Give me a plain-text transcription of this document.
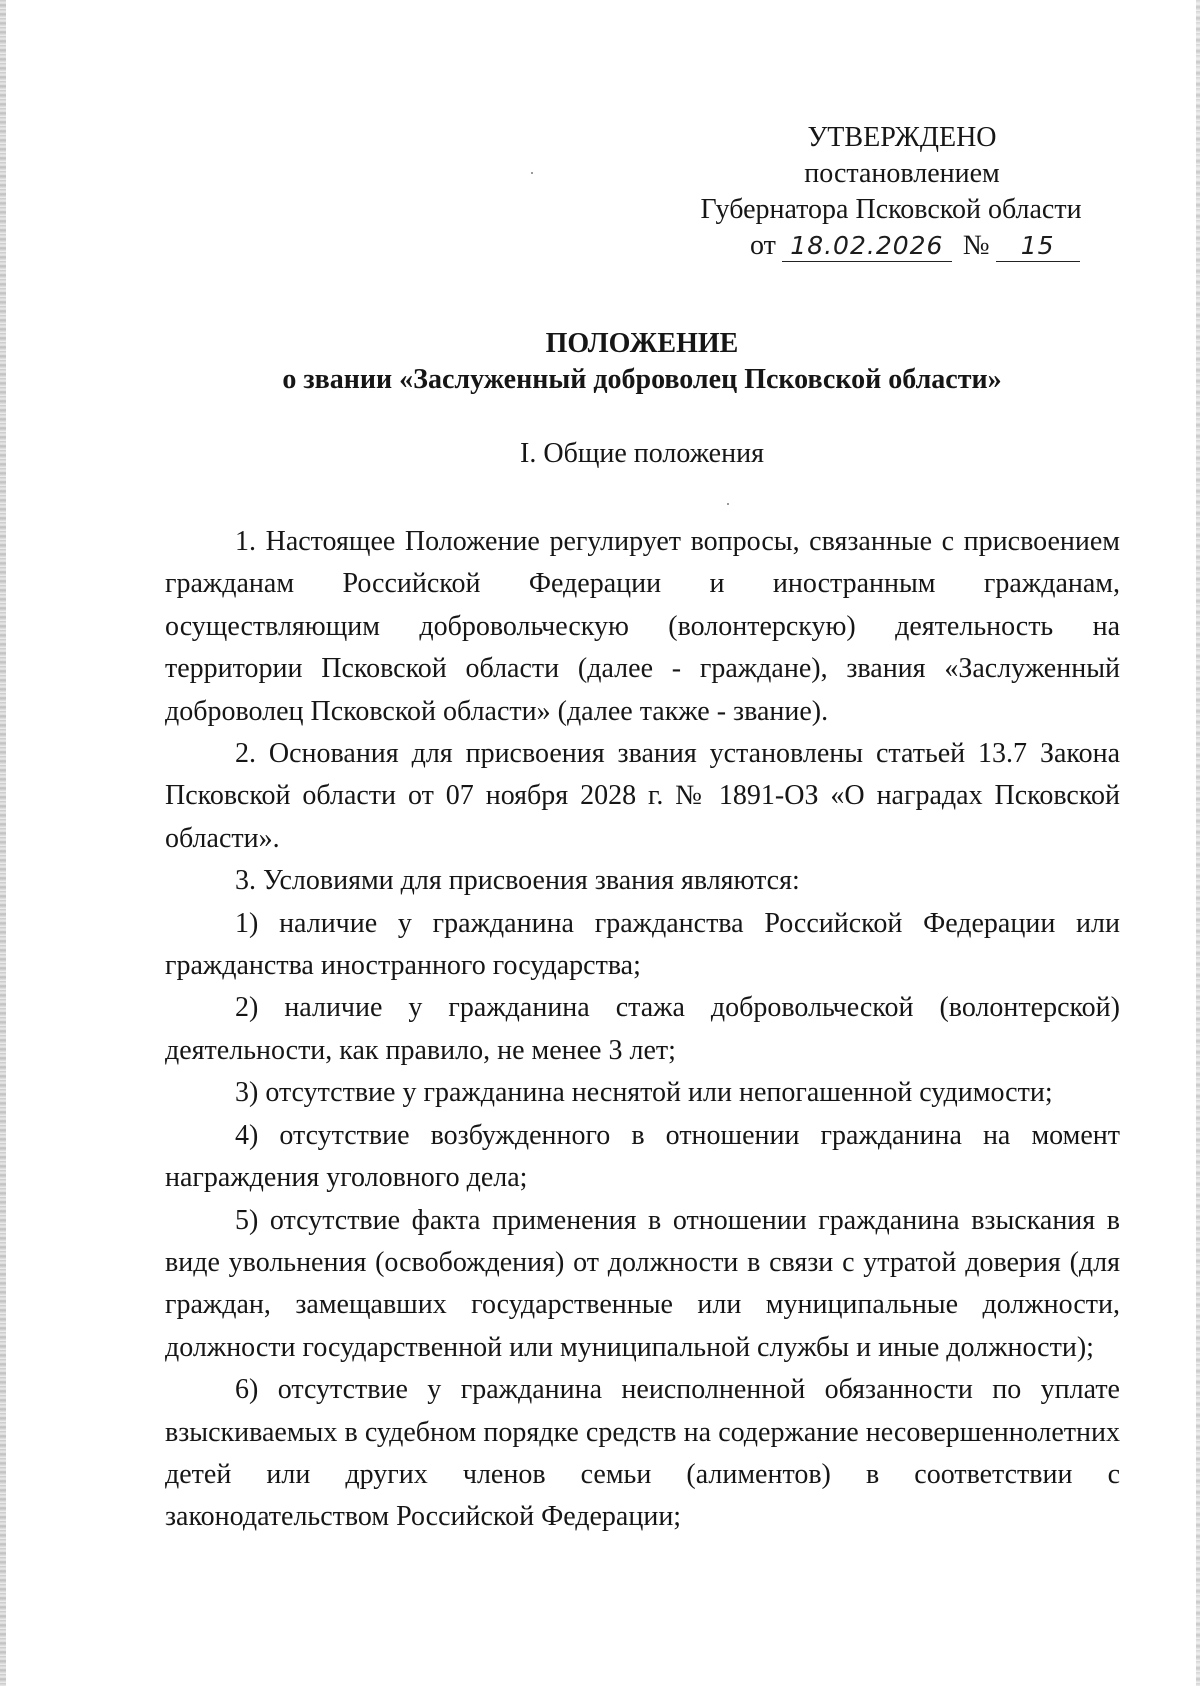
УТВЕРЖДЕНО
постановлением
Губернатора Псковской области
от 18.02.2026 № 15
ПОЛОЖЕНИЕ
о звании «Заслуженный доброволец Псковской области»
I. Общие положения

1. Настоящее Положение регулирует вопросы, связанные с присвоением гражданам Российской Федерации и иностранным гражданам, осуществляющим добровольческую (волонтерскую) деятельность на территории Псковской области (далее - граждане), звания «Заслуженный доброволец Псковской области» (далее также - звание).

2. Основания для присвоения звания установлены статьей 13.7 Закона Псковской области от 07 ноября 2028 г. № 1891-ОЗ «О наградах Псковской области».

3. Условиями для присвоения звания являются:

1) наличие у гражданина гражданства Российской Федерации или гражданства иностранного государства;

2) наличие у гражданина стажа добровольческой (волонтерской) деятельности, как правило, не менее 3 лет;

3) отсутствие у гражданина неснятой или непогашенной судимости;

4) отсутствие возбужденного в отношении гражданина на момент награждения уголовного дела;

5) отсутствие факта применения в отношении гражданина взыскания в виде увольнения (освобождения) от должности в связи с утратой доверия (для граждан, замещавших государственные или муниципальные должности, должности государственной или муниципальной службы и иные должности);

6) отсутствие у гражданина неисполненной обязанности по уплате взыскиваемых в судебном порядке средств на содержание несовершеннолетних детей или других членов семьи (алиментов) в соответствии с законодательством Российской Федерации;
